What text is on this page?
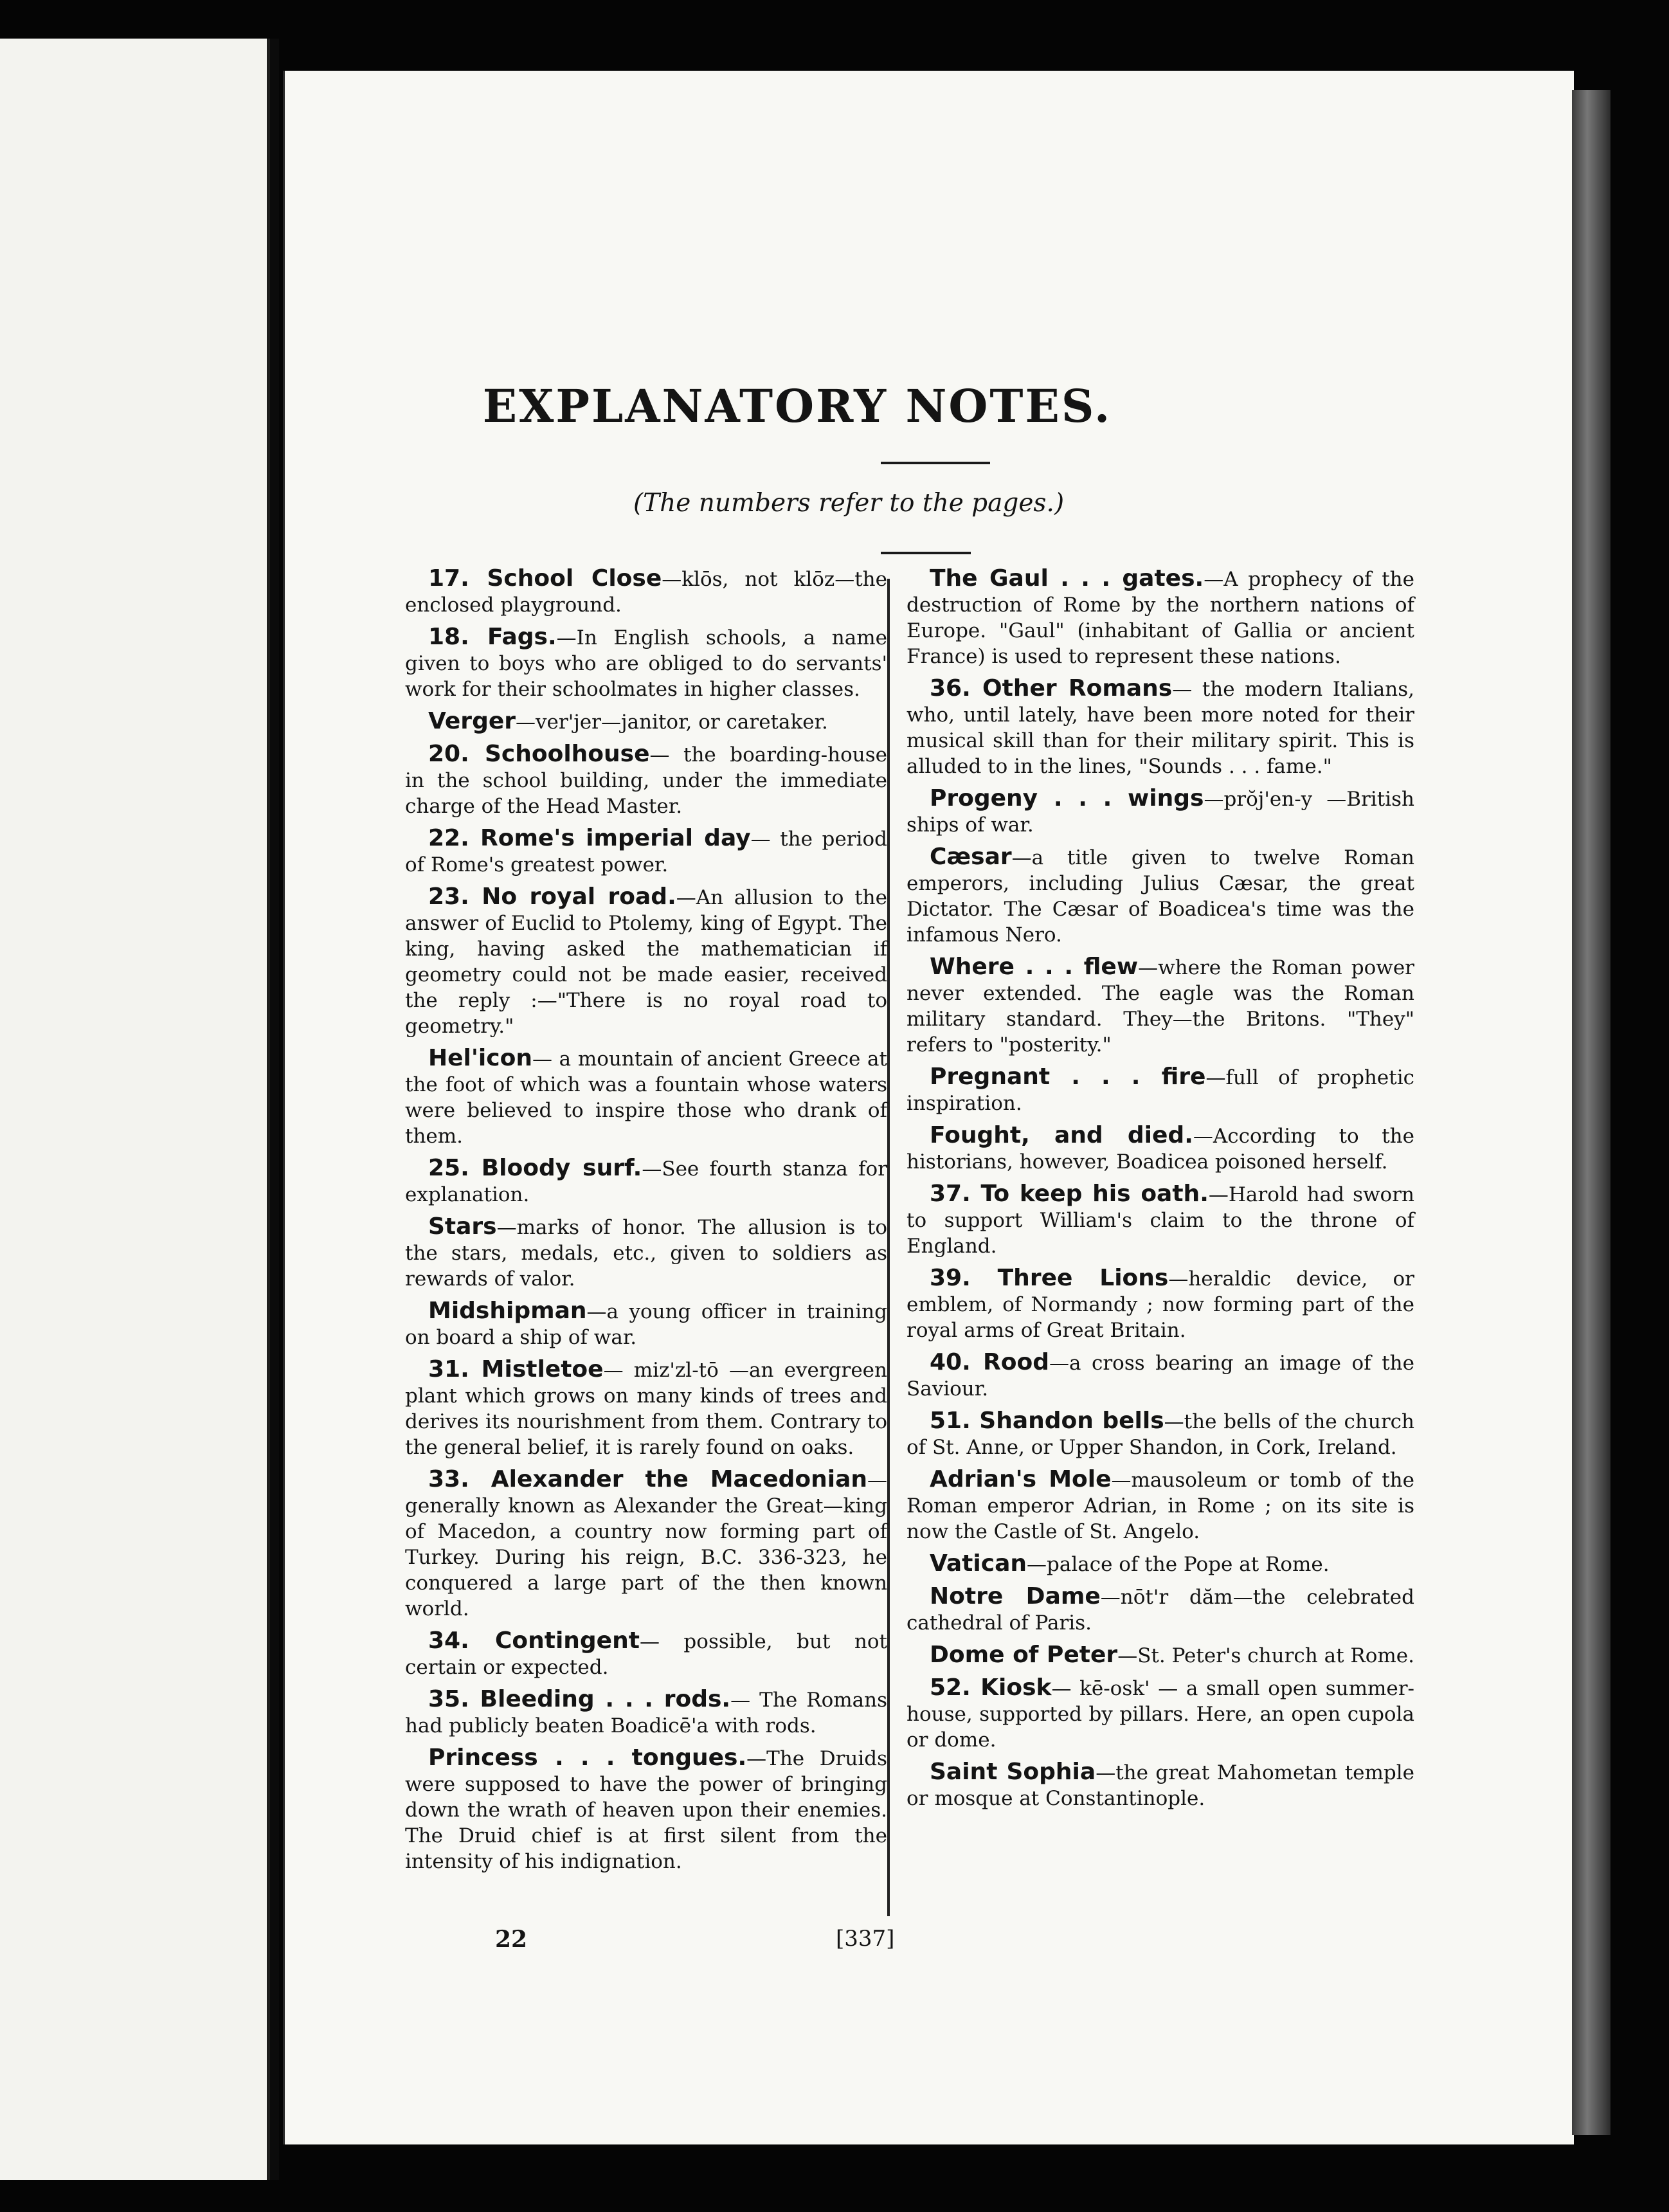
EXPLANATORY NOTES.
(The numbers refer to the pages.)

17. School Close—klōs, not klōz—the enclosed playground.

18. Fags.—In English schools, a name given to boys who are obliged to do servants' work for their schoolmates in higher classes.

Verger—ver'jer—janitor, or caretaker.

20. Schoolhouse— the boarding-house in the school building, under the immediate charge of the Head Master.

22. Rome's imperial day— the period of Rome's greatest power.

23. No royal road.—An allusion to the answer of Euclid to Ptolemy, king of Egypt. The king, having asked the mathematician if geometry could not be made easier, received the reply :—"There is no royal road to geometry."

Hel'icon— a mountain of ancient Greece at the foot of which was a fountain whose waters were believed to inspire those who drank of them.

25. Bloody surf.—See fourth stanza for explanation.

Stars—marks of honor. The allusion is to the stars, medals, etc., given to soldiers as rewards of valor.

Midshipman—a young officer in training on board a ship of war.

31. Mistletoe— miz'zl-tō —an evergreen plant which grows on many kinds of trees and derives its nourishment from them. Contrary to the general belief, it is rarely found on oaks.

33. Alexander the Macedonian—generally known as Alexander the Great—king of Macedon, a country now forming part of Turkey. During his reign, B.C. 336-323, he conquered a large part of the then known world.

34. Contingent— possible, but not certain or expected.

35. Bleeding . . . rods.— The Romans had publicly beaten Boadicē'a with rods.

Princess . . . tongues.—The Druids were supposed to have the power of bringing down the wrath of heaven upon their enemies. The Druid chief is at first silent from the intensity of his indignation.

The Gaul . . . gates.—A prophecy of the destruction of Rome by the northern nations of Europe. "Gaul" (inhabitant of Gallia or ancient France) is used to represent these nations.

36. Other Romans— the modern Italians, who, until lately, have been more noted for their musical skill than for their military spirit. This is alluded to in the lines, "Sounds . . . fame."

Progeny . . . wings—prŏj'en-y —British ships of war.

Cæsar—a title given to twelve Roman emperors, including Julius Cæsar, the great Dictator. The Cæsar of Boadicea's time was the infamous Nero.

Where . . . flew—where the Roman power never extended. The eagle was the Roman military standard. They—the Britons. "They" refers to "posterity."

Pregnant . . . fire—full of prophetic inspiration.

Fought, and died.—According to the historians, however, Boadicea poisoned herself.

37. To keep his oath.—Harold had sworn to support William's claim to the throne of England.

39. Three Lions—heraldic device, or emblem, of Normandy ; now forming part of the royal arms of Great Britain.

40. Rood—a cross bearing an image of the Saviour.

51. Shandon bells—the bells of the church of St. Anne, or Upper Shandon, in Cork, Ireland.

Adrian's Mole—mausoleum or tomb of the Roman emperor Adrian, in Rome ; on its site is now the Castle of St. Angelo.

Vatican—palace of the Pope at Rome.

Notre Dame—nōt'r dăm—the celebrated cathedral of Paris.

Dome of Peter—St. Peter's church at Rome.

52. Kiosk— kē-osk' — a small open summer-house, supported by pillars. Here, an open cupola or dome.

Saint Sophia—the great Mahometan temple or mosque at Constantinople.

22	[337]
